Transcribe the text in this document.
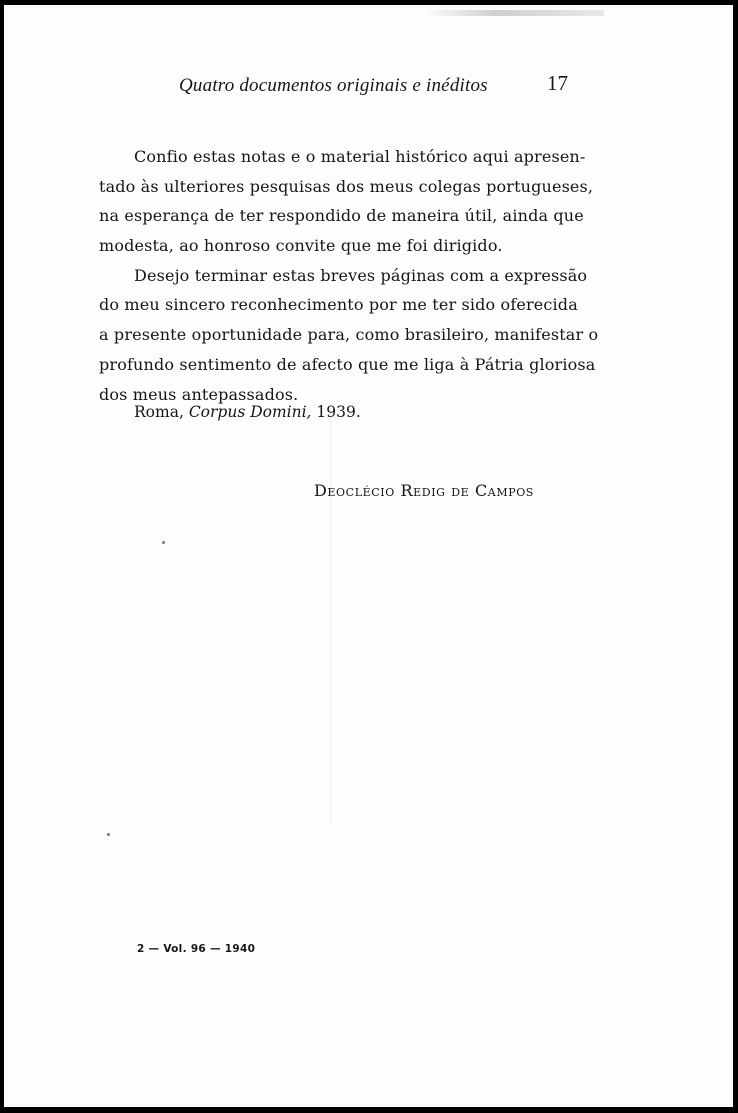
Quatro documentos originais e inéditos	17
Confio estas notas e o material histórico aqui apresen-
tado às ulteriores pesquisas dos meus colegas portugueses,
na esperança de ter respondido de maneira útil, ainda que
modesta, ao honroso convite que me foi dirigido.
Desejo terminar estas breves páginas com a expressão
do meu sincero reconhecimento por me ter sido oferecida
a presente oportunidade para, como brasileiro, manifestar o
profundo sentimento de afecto que me liga à Pátria gloriosa
dos meus antepassados.
Roma, Corpus Domini, 1939.
Deoclécio Redig de Campos
2 — Vol. 96 — 1940
